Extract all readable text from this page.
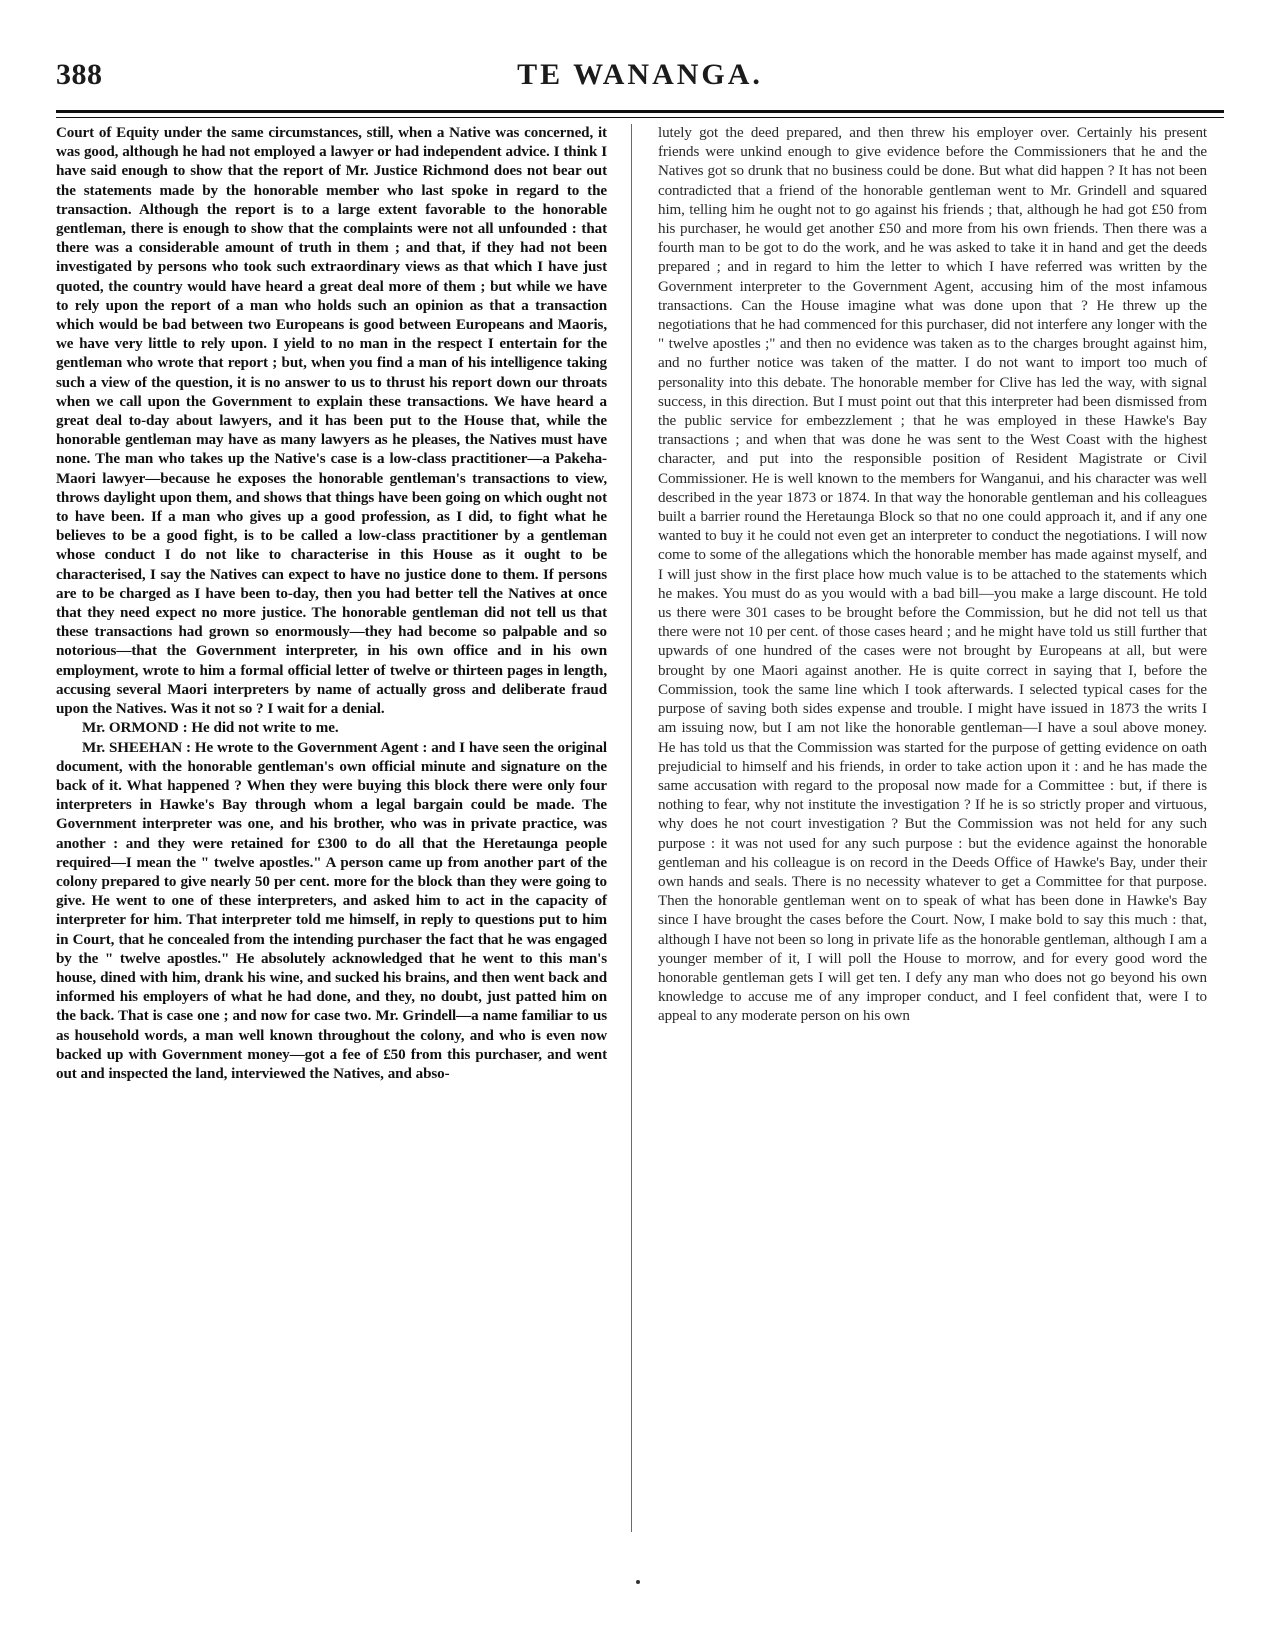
388	TE WANANGA.

Court of Equity under the same circumstances, still, when a Native was concerned, it was good, although he had not employed a lawyer or had independent advice. I think I have said enough to show that the report of Mr. Justice Richmond does not bear out the statements made by the honorable member who last spoke in regard to the transaction. Although the report is to a large extent favorable to the honorable gentleman, there is enough to show that the complaints were not all unfounded : that there was a considerable amount of truth in them ; and that, if they had not been investigated by persons who took such extraordinary views as that which I have just quoted, the country would have heard a great deal more of them ; but while we have to rely upon the report of a man who holds such an opinion as that a transaction which would be bad between two Europeans is good between Europeans and Maoris, we have very little to rely upon. I yield to no man in the respect I entertain for the gentleman who wrote that report ; but, when you find a man of his intelligence taking such a view of the question, it is no answer to us to thrust his report down our throats when we call upon the Government to explain these transactions. We have heard a great deal to-day about lawyers, and it has been put to the House that, while the honorable gentleman may have as many lawyers as he pleases, the Natives must have none. The man who takes up the Native's case is a low-class practitioner—a Pakeha-Maori lawyer—because he exposes the honorable gentleman's transactions to view, throws daylight upon them, and shows that things have been going on which ought not to have been. If a man who gives up a good profession, as I did, to fight what he believes to be a good fight, is to be called a low-class practitioner by a gentleman whose conduct I do not like to characterise in this House as it ought to be characterised, I say the Natives can expect to have no justice done to them. If persons are to be charged as I have been to-day, then you had better tell the Natives at once that they need expect no more justice. The honorable gentleman did not tell us that these transactions had grown so enormously—they had become so palpable and so notorious—that the Government interpreter, in his own office and in his own employment, wrote to him a formal official letter of twelve or thirteen pages in length, accusing several Maori interpreters by name of actually gross and deliberate fraud upon the Natives. Was it not so ? I wait for a denial.

Mr. ORMOND : He did not write to me.

Mr. SHEEHAN : He wrote to the Government Agent : and I have seen the original document, with the honorable gentleman's own official minute and signature on the back of it. What happened ? When they were buying this block there were only four interpreters in Hawke's Bay through whom a legal bargain could be made. The Government interpreter was one, and his brother, who was in private practice, was another : and they were retained for £300 to do all that the Heretaunga people required—I mean the " twelve apostles." A person came up from another part of the colony prepared to give nearly 50 per cent. more for the block than they were going to give. He went to one of these interpreters, and asked him to act in the capacity of interpreter for him. That interpreter told me himself, in reply to questions put to him in Court, that he concealed from the intending purchaser the fact that he was engaged by the " twelve apostles." He absolutely acknowledged that he went to this man's house, dined with him, drank his wine, and sucked his brains, and then went back and informed his employers of what he had done, and they, no doubt, just patted him on the back. That is case one ; and now for case two. Mr. Grindell—a name familiar to us as household words, a man well known throughout the colony, and who is even now backed up with Government money—got a fee of £50 from this purchaser, and went out and inspected the land, interviewed the Natives, and abso-

lutely got the deed prepared, and then threw his employer over. Certainly his present friends were unkind enough to give evidence before the Commissioners that he and the Natives got so drunk that no business could be done. But what did happen ? It has not been contradicted that a friend of the honorable gentleman went to Mr. Grindell and squared him, telling him he ought not to go against his friends ; that, although he had got £50 from his purchaser, he would get another £50 and more from his own friends. Then there was a fourth man to be got to do the work, and he was asked to take it in hand and get the deeds prepared ; and in regard to him the letter to which I have referred was written by the Government interpreter to the Government Agent, accusing him of the most infamous transactions. Can the House imagine what was done upon that ? He threw up the negotiations that he had commenced for this purchaser, did not interfere any longer with the " twelve apostles ;" and then no evidence was taken as to the charges brought against him, and no further notice was taken of the matter. I do not want to import too much of personality into this debate. The honorable member for Clive has led the way, with signal success, in this direction. But I must point out that this interpreter had been dismissed from the public service for embezzlement ; that he was employed in these Hawke's Bay transactions ; and when that was done he was sent to the West Coast with the highest character, and put into the responsible position of Resident Magistrate or Civil Commissioner. He is well known to the members for Wanganui, and his character was well described in the year 1873 or 1874. In that way the honorable gentleman and his colleagues built a barrier round the Heretaunga Block so that no one could approach it, and if any one wanted to buy it he could not even get an interpreter to conduct the negotiations. I will now come to some of the allegations which the honorable member has made against myself, and I will just show in the first place how much value is to be attached to the statements which he makes. You must do as you would with a bad bill—you make a large discount. He told us there were 301 cases to be brought before the Commission, but he did not tell us that there were not 10 per cent. of those cases heard ; and he might have told us still further that upwards of one hundred of the cases were not brought by Europeans at all, but were brought by one Maori against another. He is quite correct in saying that I, before the Commission, took the same line which I took afterwards. I selected typical cases for the purpose of saving both sides expense and trouble. I might have issued in 1873 the writs I am issuing now, but I am not like the honorable gentleman—I have a soul above money. He has told us that the Commission was started for the purpose of getting evidence on oath prejudicial to himself and his friends, in order to take action upon it : and he has made the same accusation with regard to the proposal now made for a Committee : but, if there is nothing to fear, why not institute the investigation ? If he is so strictly proper and virtuous, why does he not court investigation ? But the Commission was not held for any such purpose : it was not used for any such purpose : but the evidence against the honorable gentleman and his colleague is on record in the Deeds Office of Hawke's Bay, under their own hands and seals. There is no necessity whatever to get a Committee for that purpose. Then the honorable gentleman went on to speak of what has been done in Hawke's Bay since I have brought the cases before the Court. Now, I make bold to say this much : that, although I have not been so long in private life as the honorable gentleman, although I am a younger member of it, I will poll the House to morrow, and for every good word the honorable gentleman gets I will get ten. I defy any man who does not go beyond his own knowledge to accuse me of any improper conduct, and I feel confident that, were I to appeal to any moderate person on his own
